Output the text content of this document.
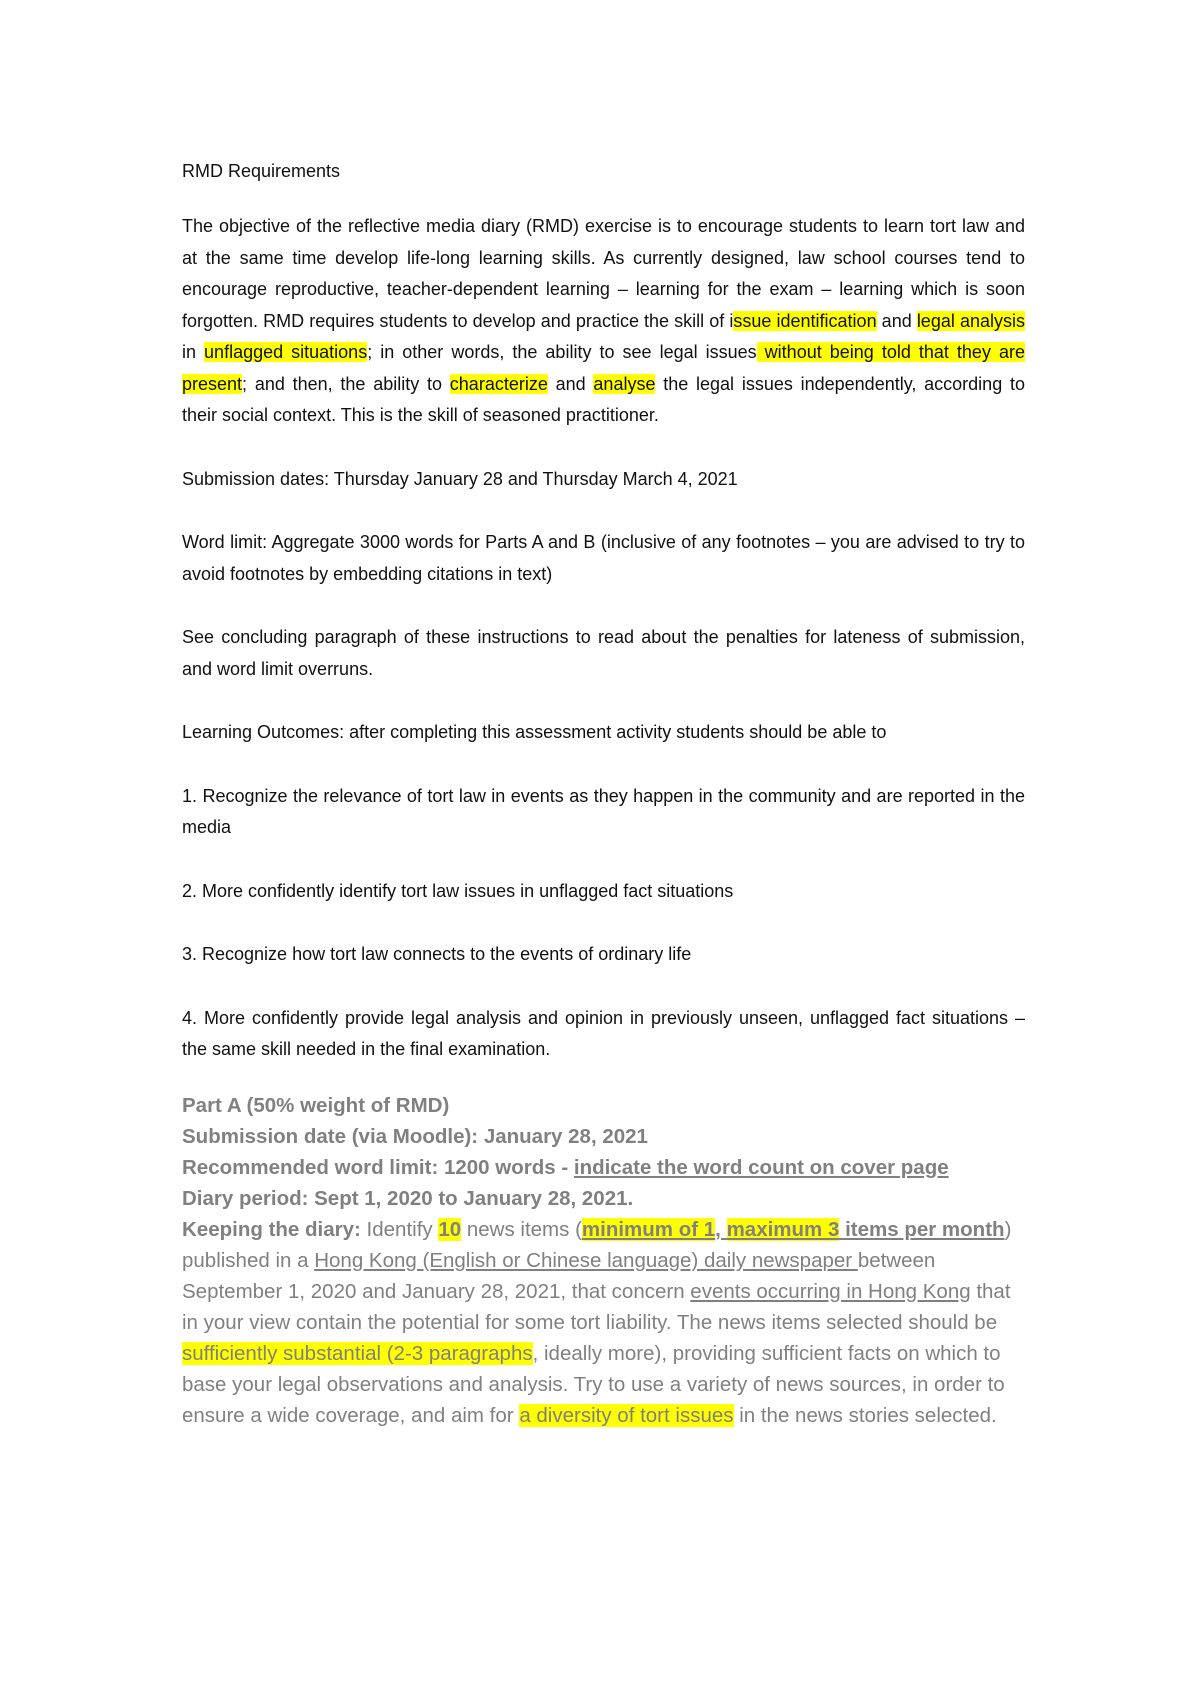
RMD Requirements

The objective of the reflective media diary (RMD) exercise is to encourage students to learn tort law and at the same time develop life-long learning skills. As currently designed, law school courses tend to encourage reproductive, teacher-dependent learning – learning for the exam – learning which is soon forgotten. RMD requires students to develop and practice the skill of issue identification and legal analysis in unflagged situations; in other words, the ability to see legal issues without being told that they are present; and then, the ability to characterize and analyse the legal issues independently, according to their social context. This is the skill of seasoned practitioner.

Submission dates: Thursday January 28 and Thursday March 4, 2021

Word limit: Aggregate 3000 words for Parts A and B (inclusive of any footnotes – you are advised to try to avoid footnotes by embedding citations in text)

See concluding paragraph of these instructions to read about the penalties for lateness of submission, and word limit overruns.

Learning Outcomes: after completing this assessment activity students should be able to

1. Recognize the relevance of tort law in events as they happen in the community and are reported in the media

2. More confidently identify tort law issues in unflagged fact situations

3. Recognize how tort law connects to the events of ordinary life

4. More confidently provide legal analysis and opinion in previously unseen, unflagged fact situations – the same skill needed in the final examination.

Part A (50% weight of RMD)
Submission date (via Moodle): January 28, 2021
Recommended word limit: 1200 words - indicate the word count on cover page
Diary period: Sept 1, 2020 to January 28, 2021.
Keeping the diary: Identify 10 news items (minimum of 1, maximum 3 items per month) published in a Hong Kong (English or Chinese language) daily newspaper between September 1, 2020 and January 28, 2021, that concern events occurring in Hong Kong that in your view contain the potential for some tort liability. The news items selected should be sufficiently substantial (2-3 paragraphs, ideally more), providing sufficient facts on which to base your legal observations and analysis. Try to use a variety of news sources, in order to ensure a wide coverage, and aim for a diversity of tort issues in the news stories selected.
